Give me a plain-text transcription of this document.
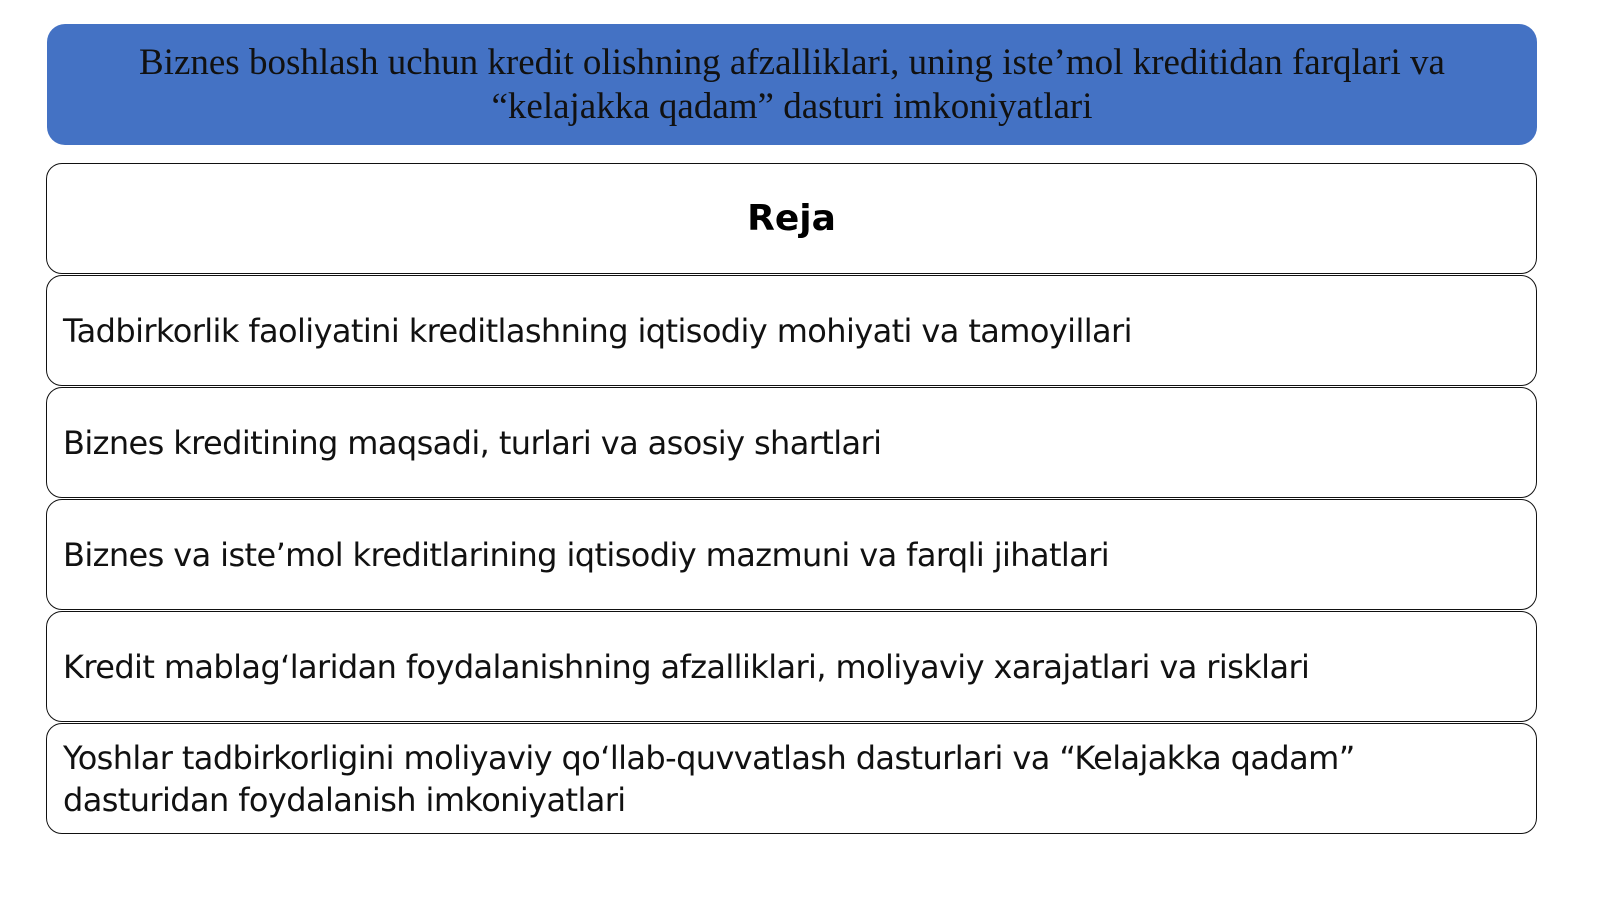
Biznes boshlash uchun kredit olishning afzalliklari, uning iste’mol kreditidan farqlari va “kelajakka qadam” dasturi imkoniyatlari
Reja
Tadbirkorlik faoliyatini kreditlashning iqtisodiy mohiyati va tamoyillari
Biznes kreditining maqsadi, turlari va asosiy shartlari
Biznes va iste’mol kreditlarining iqtisodiy mazmuni va farqli jihatlari
Kredit mablag‘laridan foydalanishning afzalliklari, moliyaviy xarajatlari va risklari
Yoshlar tadbirkorligini moliyaviy qo‘llab-quvvatlash dasturlari va “Kelajakka qadam” dasturidan foydalanish imkoniyatlari
